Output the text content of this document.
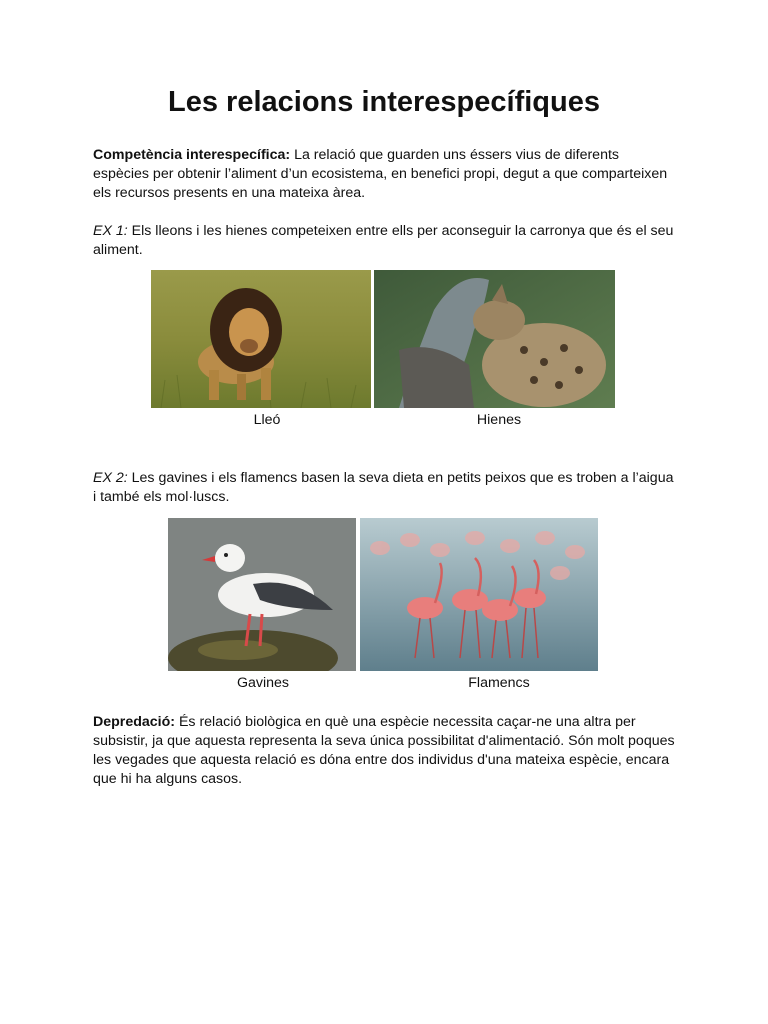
Les relacions interespecífiques

Competència interespecífica: La relació que guarden uns éssers vius de diferents espècies per obtenir l’aliment d’un ecosistema, en benefici propi, degut a que comparteixen els recursos presents en una mateixa àrea.

EX 1: Els lleons i les hienes competeixen entre ells per aconseguir la carronya que és el seu aliment.

Lleó	Hienes

EX 2: Les gavines i els flamencs basen la seva dieta en petits peixos que es troben a l’aigua i també els mol·luscs.

Gavines	Flamencs

Depredació: És relació biològica en què una espècie necessita caçar-ne una altra per subsistir, ja que aquesta representa la seva única possibilitat d'alimentació. Són molt poques les vegades que aquesta relació es dóna entre dos individus d'una mateixa espècie, encara que hi ha alguns casos.
